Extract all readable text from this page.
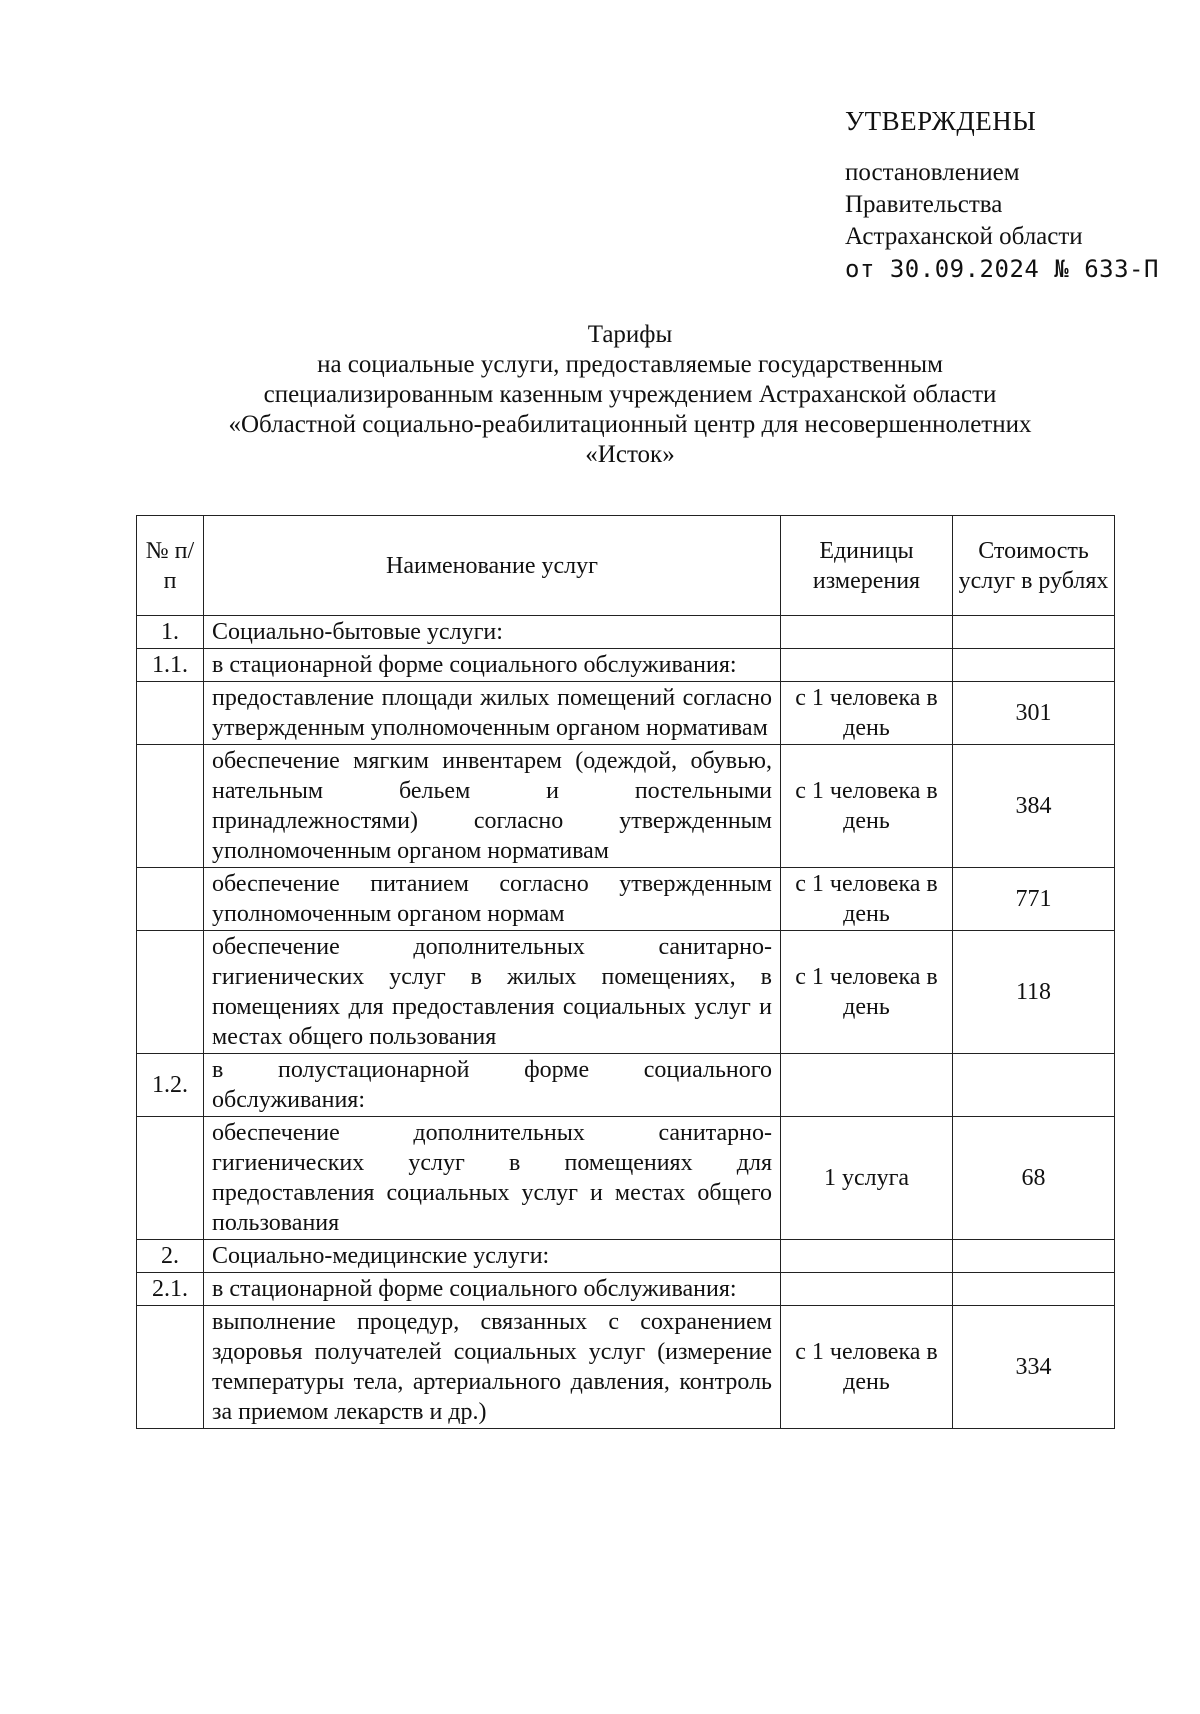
УТВЕРЖДЕНЫ
постановлением
Правительства
Астраханской области
от 30.09.2024 № 633-П
Тарифы
на социальные услуги, предоставляемые государственным
специализированным казенным учреждением Астраханской области
«Областной социально-реабилитационный центр для несовершеннолетних
«Исток»
№ п/п	Наименование услуг	Единицы измерения	Стоимость услуг в рублях
1.	Социально-бытовые услуги:		
1.1.	в стационарной форме социального обслуживания:		
	предоставление площади жилых помещений согласно утвержденным уполномоченным органом нормативам	с 1 человека в день	301
	обеспечение мягким инвентарем (одеждой, обувью, нательным бельем и постельными принадлежностями) согласно утвержденным уполномоченным органом нормативам	с 1 человека в день	384
	обеспечение питанием согласно утвержденным уполномоченным органом нормам	с 1 человека в день	771
	обеспечение дополнительных санитарно-гигиенических услуг в жилых помещениях, в помещениях для предоставления социальных услуг и местах общего пользования	с 1 человека в день	118
1.2.	в полустационарной форме социального обслуживания:		
	обеспечение дополнительных санитарно-гигиенических услуг в помещениях для предоставления социальных услуг и местах общего пользования	1 услуга	68
2.	Социально-медицинские услуги:		
2.1.	в стационарной форме социального обслуживания:		
	выполнение процедур, связанных с сохранением здоровья получателей социальных услуг (измерение температуры тела, артериального давления, контроль за приемом лекарств и др.)	с 1 человека в день	334
